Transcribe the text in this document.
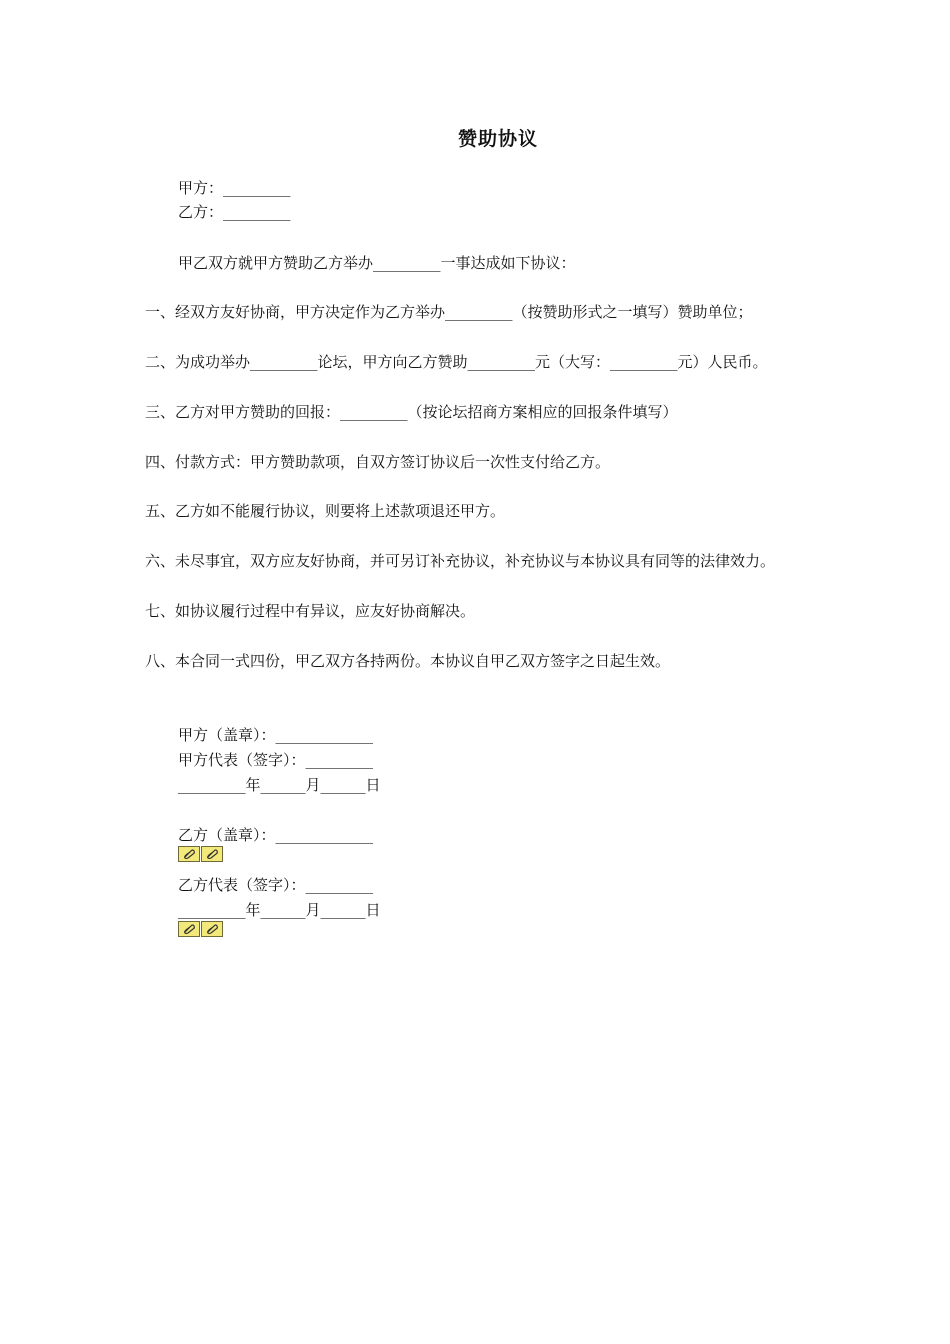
赞助协议
甲方：_________
乙方：_________
甲乙双方就甲方赞助乙方举办_________一事达成如下协议：
一、经双方友好协商，甲方决定作为乙方举办_________（按赞助形式之一填写）赞助单位；
二、为成功举办_________论坛，甲方向乙方赞助_________元（大写：_________元）人民币。
三、乙方对甲方赞助的回报：_________（按论坛招商方案相应的回报条件填写）
四、付款方式：甲方赞助款项，自双方签订协议后一次性支付给乙方。
五、乙方如不能履行协议，则要将上述款项退还甲方。
六、未尽事宜，双方应友好协商，并可另订补充协议，补充协议与本协议具有同等的法律效力。
七、如协议履行过程中有异议，应友好协商解决。
八、本合同一式四份，甲乙双方各持两份。本协议自甲乙双方签字之日起生效。
甲方（盖章）：_____________
甲方代表（签字）：_________
_________年______月______日
乙方（盖章）：_____________
乙方代表（签字）：_________
_________年______月______日
